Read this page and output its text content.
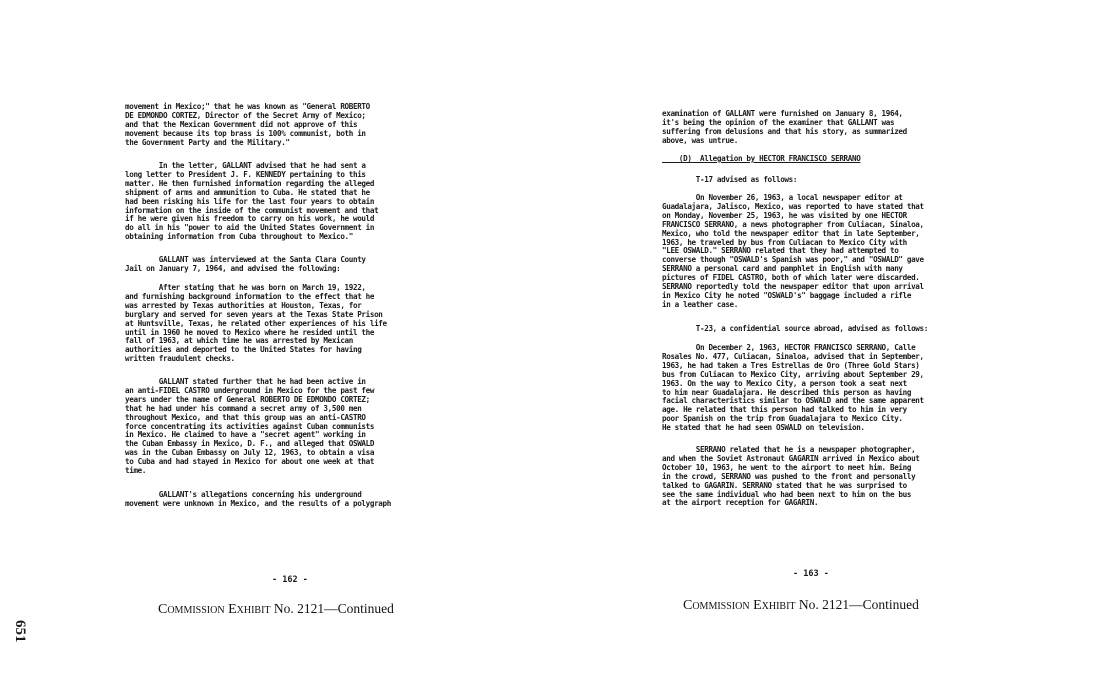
movement in Mexico;" that he was known as "General ROBERTO
DE EDMONDO CORTEZ, Director of the Secret Army of Mexico;
and that the Mexican Government did not approve of this
movement because its top brass is 100% communist, both in
the Government Party and the Military."
In the letter, GALLANT advised that he had sent a
long letter to President J. F. KENNEDY pertaining to this
matter. He then furnished information regarding the alleged
shipment of arms and ammunition to Cuba. He stated that he
had been risking his life for the last four years to obtain
information on the inside of the communist movement and that
if he were given his freedom to carry on his work, he would
do all in his "power to aid the United States Government in
obtaining information from Cuba throughout to Mexico."
GALLANT was interviewed at the Santa Clara County
Jail on January 7, 1964, and advised the following:
After stating that he was born on March 19, 1922,
and furnishing background information to the effect that he
was arrested by Texas authorities at Houston, Texas, for
burglary and served for seven years at the Texas State Prison
at Huntsville, Texas, he related other experiences of his life
until in 1960 he moved to Mexico where he resided until the
fall of 1963, at which time he was arrested by Mexican
authorities and deported to the United States for having
written fraudulent checks.
GALLANT stated further that he had been active in
an anti-FIDEL CASTRO underground in Mexico for the past few
years under the name of General ROBERTO DE EDMONDO CORTEZ;
that he had under his command a secret army of 3,500 men
throughout Mexico, and that this group was an anti-CASTRO
force concentrating its activities against Cuban communists
in Mexico. He claimed to have a "secret agent" working in
the Cuban Embassy in Mexico, D. F., and alleged that OSWALD
was in the Cuban Embassy on July 12, 1963, to obtain a visa
to Cuba and had stayed in Mexico for about one week at that
time.
GALLANT's allegations concerning his underground
movement were unknown in Mexico, and the results of a polygraph
- 162 -
Commission Exhibit No. 2121—Continued
examination of GALLANT were furnished on January 8, 1964,
it's being the opinion of the examiner that GALLANT was
suffering from delusions and that his story, as summarized
above, was untrue.
(D)  Allegation by HECTOR FRANCISCO SERRANO
T-17 advised as follows:
On November 26, 1963, a local newspaper editor at
Guadalajara, Jalisco, Mexico, was reported to have stated that
on Monday, November 25, 1963, he was visited by one HECTOR
FRANCISCO SERRANO, a news photographer from Culiacan, Sinaloa,
Mexico, who told the newspaper editor that in late September,
1963, he traveled by bus from Culiacan to Mexico City with
"LEE OSWALD." SERRANO related that they had attempted to
converse though "OSWALD's Spanish was poor," and "OSWALD" gave
SERRANO a personal card and pamphlet in English with many
pictures of FIDEL CASTRO, both of which later were discarded.
SERRANO reportedly told the newspaper editor that upon arrival
in Mexico City he noted "OSWALD's" baggage included a rifle
in a leather case.
T-23, a confidential source abroad, advised as follows:
On December 2, 1963, HECTOR FRANCISCO SERRANO, Calle
Rosales No. 477, Culiacan, Sinaloa, advised that in September,
1963, he had taken a Tres Estrellas de Oro (Three Gold Stars)
bus from Culiacan to Mexico City, arriving about September 29,
1963. On the way to Mexico City, a person took a seat next
to him near Guadalajara. He described this person as having
facial characteristics similar to OSWALD and the same apparent
age. He related that this person had talked to him in very
poor Spanish on the trip from Guadalajara to Mexico City.
He stated that he had seen OSWALD on television.
SERRANO related that he is a newspaper photographer,
and when the Soviet Astronaut GAGARIN arrived in Mexico about
October 10, 1963, he went to the airport to meet him. Being
in the crowd, SERRANO was pushed to the front and personally
talked to GAGARIN. SERRANO stated that he was surprised to
see the same individual who had been next to him on the bus
at the airport reception for GAGARIN.
- 163 -
Commission Exhibit No. 2121—Continued
651
